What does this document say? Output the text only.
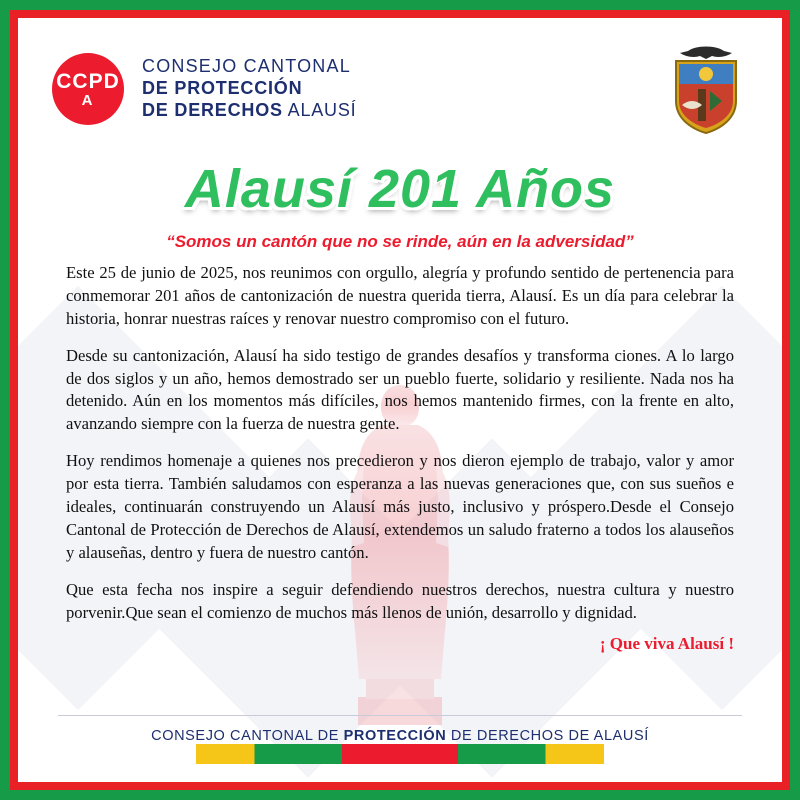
CCPD
A
CONSEJO CANTONAL
DE PROTECCIÓN
DE DERECHOS ALAUSÍ
Alausí 201 Años
“Somos un cantón que no se rinde, aún en la adversidad”

Este 25 de junio de 2025, nos reunimos con orgullo, alegría y profundo sentido de pertenencia para conmemorar 201 años de cantonización de nuestra querida tierra, Alausí. Es un día para celebrar la historia, honrar nuestras raíces y renovar nuestro compromiso con el futuro.

Desde su cantonización, Alausí ha sido testigo de grandes desafíos y transforma ciones. A lo largo de dos siglos y un año, hemos demostrado ser un pueblo fuerte, solidario y resiliente. Nada nos ha detenido. Aún en los momentos más difíciles, nos hemos mantenido firmes, con la frente en alto, avanzando siempre con la fuerza de nuestra gente.

Hoy rendimos homenaje a quienes nos precedieron y nos dieron ejemplo de trabajo, valor y amor por esta tierra. También saludamos con esperanza a las nuevas generaciones que, con sus sueños e ideales, continuarán construyendo un Alausí más justo, inclusivo y próspero.Desde el Consejo Cantonal de Protección de Derechos de Alausí, extendemos un saludo fraterno a todos los alauseños y alauseñas, dentro y fuera de nuestro cantón.

Que esta fecha nos inspire a seguir defendiendo nuestros derechos, nuestra cultura y nuestro porvenir.Que sean el comienzo de muchos más llenos de unión, desarrollo y dignidad.

¡ Que viva Alausí !
CONSEJO CANTONAL DE PROTECCIÓN DE DERECHOS DE ALAUSÍ
